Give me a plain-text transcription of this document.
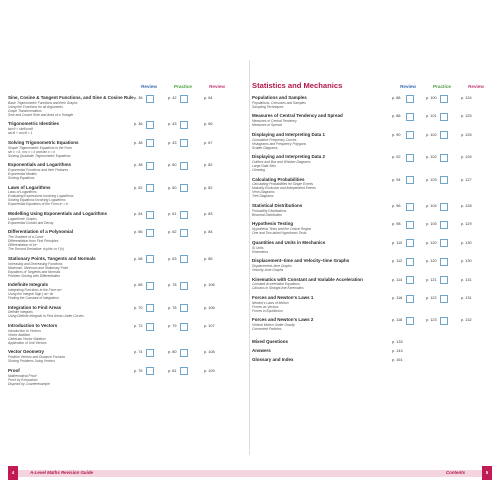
Review	Practice	Review
Sine, Cosine & Tangent Functions, and Sine & Cosine Rule
Basic Trigonometric Functions and their Graphs
Using the Functions for all Arguments
Graph Transformations
Sine and Cosine Rule and Area of a Triangle
p. 36	p. 42	p. 64
Trigonometric Identities
tan θ = sinθ/cosθ
sin²θ + cos²θ = 1
p. 36	p. 43	p. 66
Solving Trigonometric Equations
Simple Trigonometric Equations in the Form
sin x = k, cos x = k and tan x = k
Solving Quadratic Trigonometric Equations
p. 38	p. 43	p. 67
Exponentials and Logarithms
Exponential Functions and their Features
Exponential Models
Solving Equations
p. 38	p. 60	p. 82
Laws of Logarithms
Laws of Logarithms
Evaluating Expressions Involving Logarithms
Solving Equations Involving Logarithms
Exponential Equations of the Form aˣ = b
p. 52	p. 60	p. 82
Modelling Using Exponentials and Logarithms
Logarithmic Graphs
Exponential Growth and Decay
p. 54	p. 61	p. 83
Differentiation of a Polynomial
The Gradient of a Curve
Differentiation from First Principles
Differentiation of kxⁿ
The Second Derivative: d²y/dx² or f''(x)
p. 56	p. 62	p. 84
Stationary Points, Tangents and Normals
Increasing and Decreasing Functions
Maximum, Minimum and Stationary Point
Equations of Tangents and Normals
Problem Solving with Differentiation
p. 58	p. 63	p. 85
Indefinite Integrals
Integrating Functions in the Form axⁿ
Using the Integral Sign ∫ axⁿ dx
Finding the Constant of Integration
p. 68	p. 78	p. 106
Integration to Find Areas
Definite Integrals
Using Definite Integrals to Find Areas Under Curves
p. 70	p. 78	p. 106
Introduction to Vectors
Introduction to Vectors
Vector Addition
Cartesian Vector Notation
Application of Unit Vectors
p. 72	p. 79	p. 107
Vector Geometry
Position Vectors and Distance Formula
Solving Problems Using Vectors
p. 74	p. 80	p. 108
Proof
Mathematical Proof
Proof by Exhaustion
Disproof by Counterexample
p. 76	p. 81	p. 109
4	A-Level Maths Revision Guide
Review	Practice	Review
Populations and Samples
Populations, Censuses and Samples
Sampling Techniques
p. 88	p. 100	p. 124
Measures of Central Tendency and Spread
Measures of Central Tendency
Measures of Spread
p. 88	p. 101	p. 125
Displaying and Interpreting Data 1
Cumulative Frequency Curves
Histograms and Frequency Polygons
Scatter Diagrams
p. 90	p. 102	p. 126
Displaying and Interpreting Data 2
Outliers and Box and Whisker Diagrams
Large Data Sets
Cleaning
p. 92	p. 102	p. 126
Calculating Probabilities
Calculating Probabilities for Single Events
Mutually Exclusive and Independent Events
Venn Diagrams
Tree Diagrams
p. 94	p. 103	p. 127
Statistical Distributions
Probability Distributions
Binomial Distribution
p. 96	p. 104	p. 128
Hypothesis Testing
Hypothesis Tests and the Critical Region
One and Two-tailed Hypothesis Tests
p. 98	p. 105	p. 129
Quantities and Units in Mechanics
SI Units
Kinematics
p. 110	p. 120	p. 130
Displacement–time and Velocity–time Graphs
Displacement–time Graphs
Velocity–time Graphs
p. 112	p. 120	p. 130
Kinematics with Constant and Variable Acceleration
Constant Acceleration Equations
Calculus in Straight-line Kinematics
p. 114	p. 121	p. 131
Forces and Newton's Laws 1
Newton's Laws of Motion
Forces as Vectors
Forces in Equilibrium
p. 116	p. 122	p. 131
Forces and Newton's Laws 2
Vertical Motion Under Gravity
Connected Particles
p. 118	p. 123	p. 132
Mixed Questions	p. 133
Answers	p. 143
Glossary and Index	p. 161
5
Contents
Statistics and Mechanics
